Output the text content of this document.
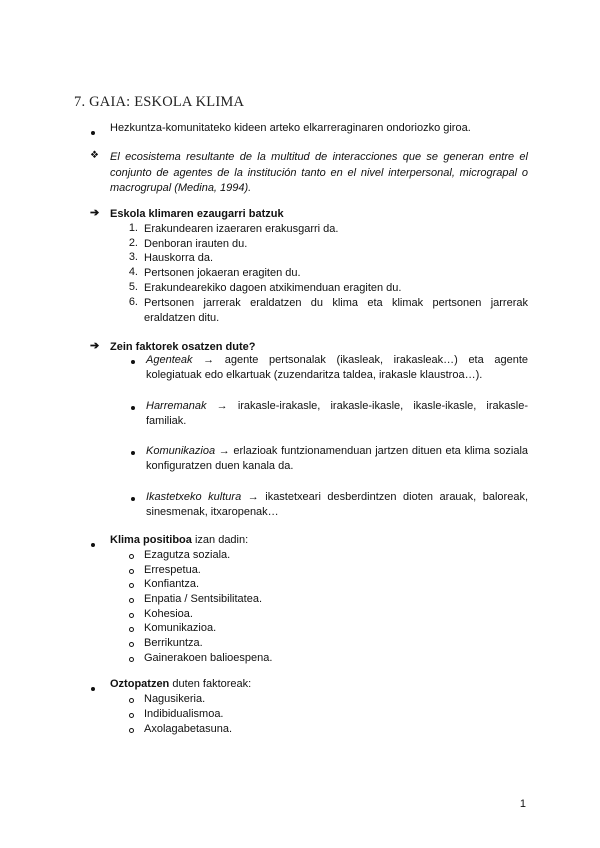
7. GAIA: ESKOLA KLIMA
Hezkuntza-komunitateko kideen arteko elkarreraginaren ondoriozko giroa.
❖ El ecosistema resultante de la multitud de interacciones que se generan entre el conjunto de agentes de la institución tanto en el nivel interpersonal, micrograpal o macrogrupal (Medina, 1994).
➔ Eskola klimaren ezaugarri batzuk
1. Erakundearen izaeraren erakusgarri da.
2. Denboran irauten du.
3. Hauskorra da.
4. Pertsonen jokaeran eragiten du.
5. Erakundearekiko dagoen atxikimenduan eragiten du.
6. Pertsonen jarrerak eraldatzen du klima eta klimak pertsonen jarrerak eraldatzen ditu.
➔ Zein faktorek osatzen dute?
Agenteak → agente pertsonalak (ikasleak, irakasleak…) eta agente kolegiatuak edo elkartuak (zuzendaritza taldea, irakasle klaustroa…).
Harremanak → irakasle-irakasle, irakasle-ikasle, ikasle-ikasle, irakasle-familiak.
Komunikazioa → erlazioak funtzionamenduan jartzen dituen eta klima soziala konfiguratzen duen kanala da.
Ikastetxeko kultura → ikastetxeari desberdintzen dioten arauak, baloreak, sinesmenak, itxaropenak…
Klima positiboa izan dadin:
Ezagutza soziala.
Errespetua.
Konfiantza.
Enpatia / Sentsibilitatea.
Kohesioa.
Komunikazioa.
Berrikuntza.
Gainerakoen balioespena.
Oztopatzen duten faktoreak:
Nagusikeria.
Indibidualismoa.
Axolagabetasuna.
1
